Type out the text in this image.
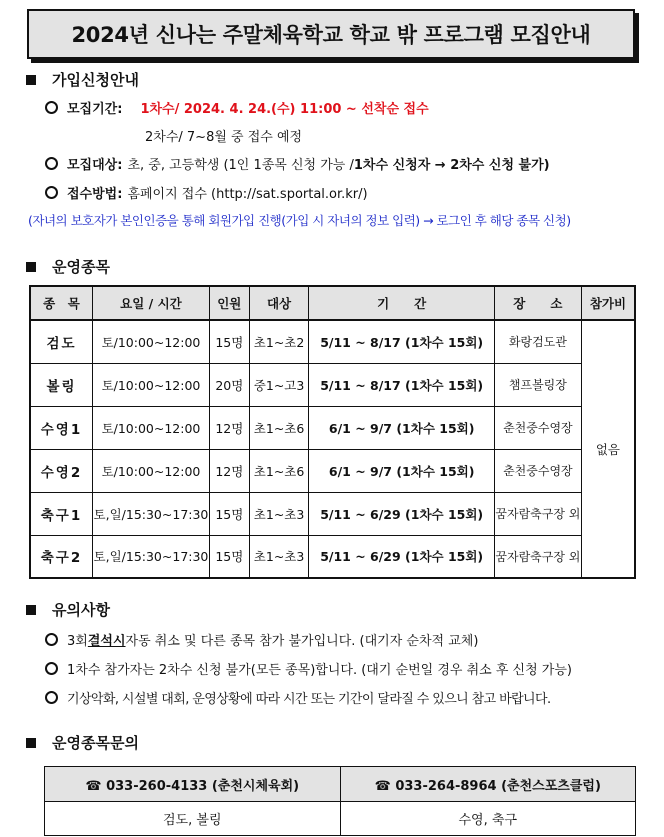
2024년 신나는 주말체육학교 학교 밖 프로그램 모집안내
가입신청안내
모집기간: 1차수/ 2024. 4. 24.(수) 11:00 ~ 선착순 접수
2차수/ 7~8월 중 접수 예정
모집대상: 초, 중, 고등학생 (1인 1종목 신청 가능 / 1차수 신청자 → 2차수 신청 불가)
접수방법: 홈페이지 접수 (http://sat.sportal.or.kr/)
(자녀의 보호자가 본인인증을 통해 회원가입 진행(가입 시 자녀의 정보 입력) → 로그인 후 해당 종목 신청)
운영종목
종　목	요일 / 시간	인원	대상	기　　간	장　　소	참가비
검도	토/10:00~12:00	15명	초1~초2	5/11 ~ 8/17 (1차수 15회)	화랑검도관	없음
볼링	토/10:00~12:00	20명	중1~고3	5/11 ~ 8/17 (1차수 15회)	챔프볼링장	
수영1	토/10:00~12:00	12명	초1~초6	6/1 ~ 9/7 (1차수 15회)	춘천중수영장	
수영2	토/10:00~12:00	12명	초1~초6	6/1 ~ 9/7 (1차수 15회)	춘천중수영장	
축구1	토,일/15:30~17:30	15명	초1~초3	5/11 ~ 6/29 (1차수 15회)	꿈자람축구장 외	
축구2	토,일/15:30~17:30	15명	초1~초3	5/11 ~ 6/29 (1차수 15회)	꿈자람축구장 외	
유의사항
3회 결석시 자동 취소 및 다른 종목 참가 불가입니다. (대기자 순차적 교체)
1차수 참가자는 2차수 신청 불가(모든 종목)합니다. (대기 순번일 경우 취소 후 신청 가능)
기상악화, 시설별 대회, 운영상황에 따라 시간 또는 기간이 달라질 수 있으니 참고 바랍니다.
운영종목문의
☎ 033-260-4133 (춘천시체육회)	☎ 033-264-8964 (춘천스포츠클럽)
검도, 볼링	수영, 축구
